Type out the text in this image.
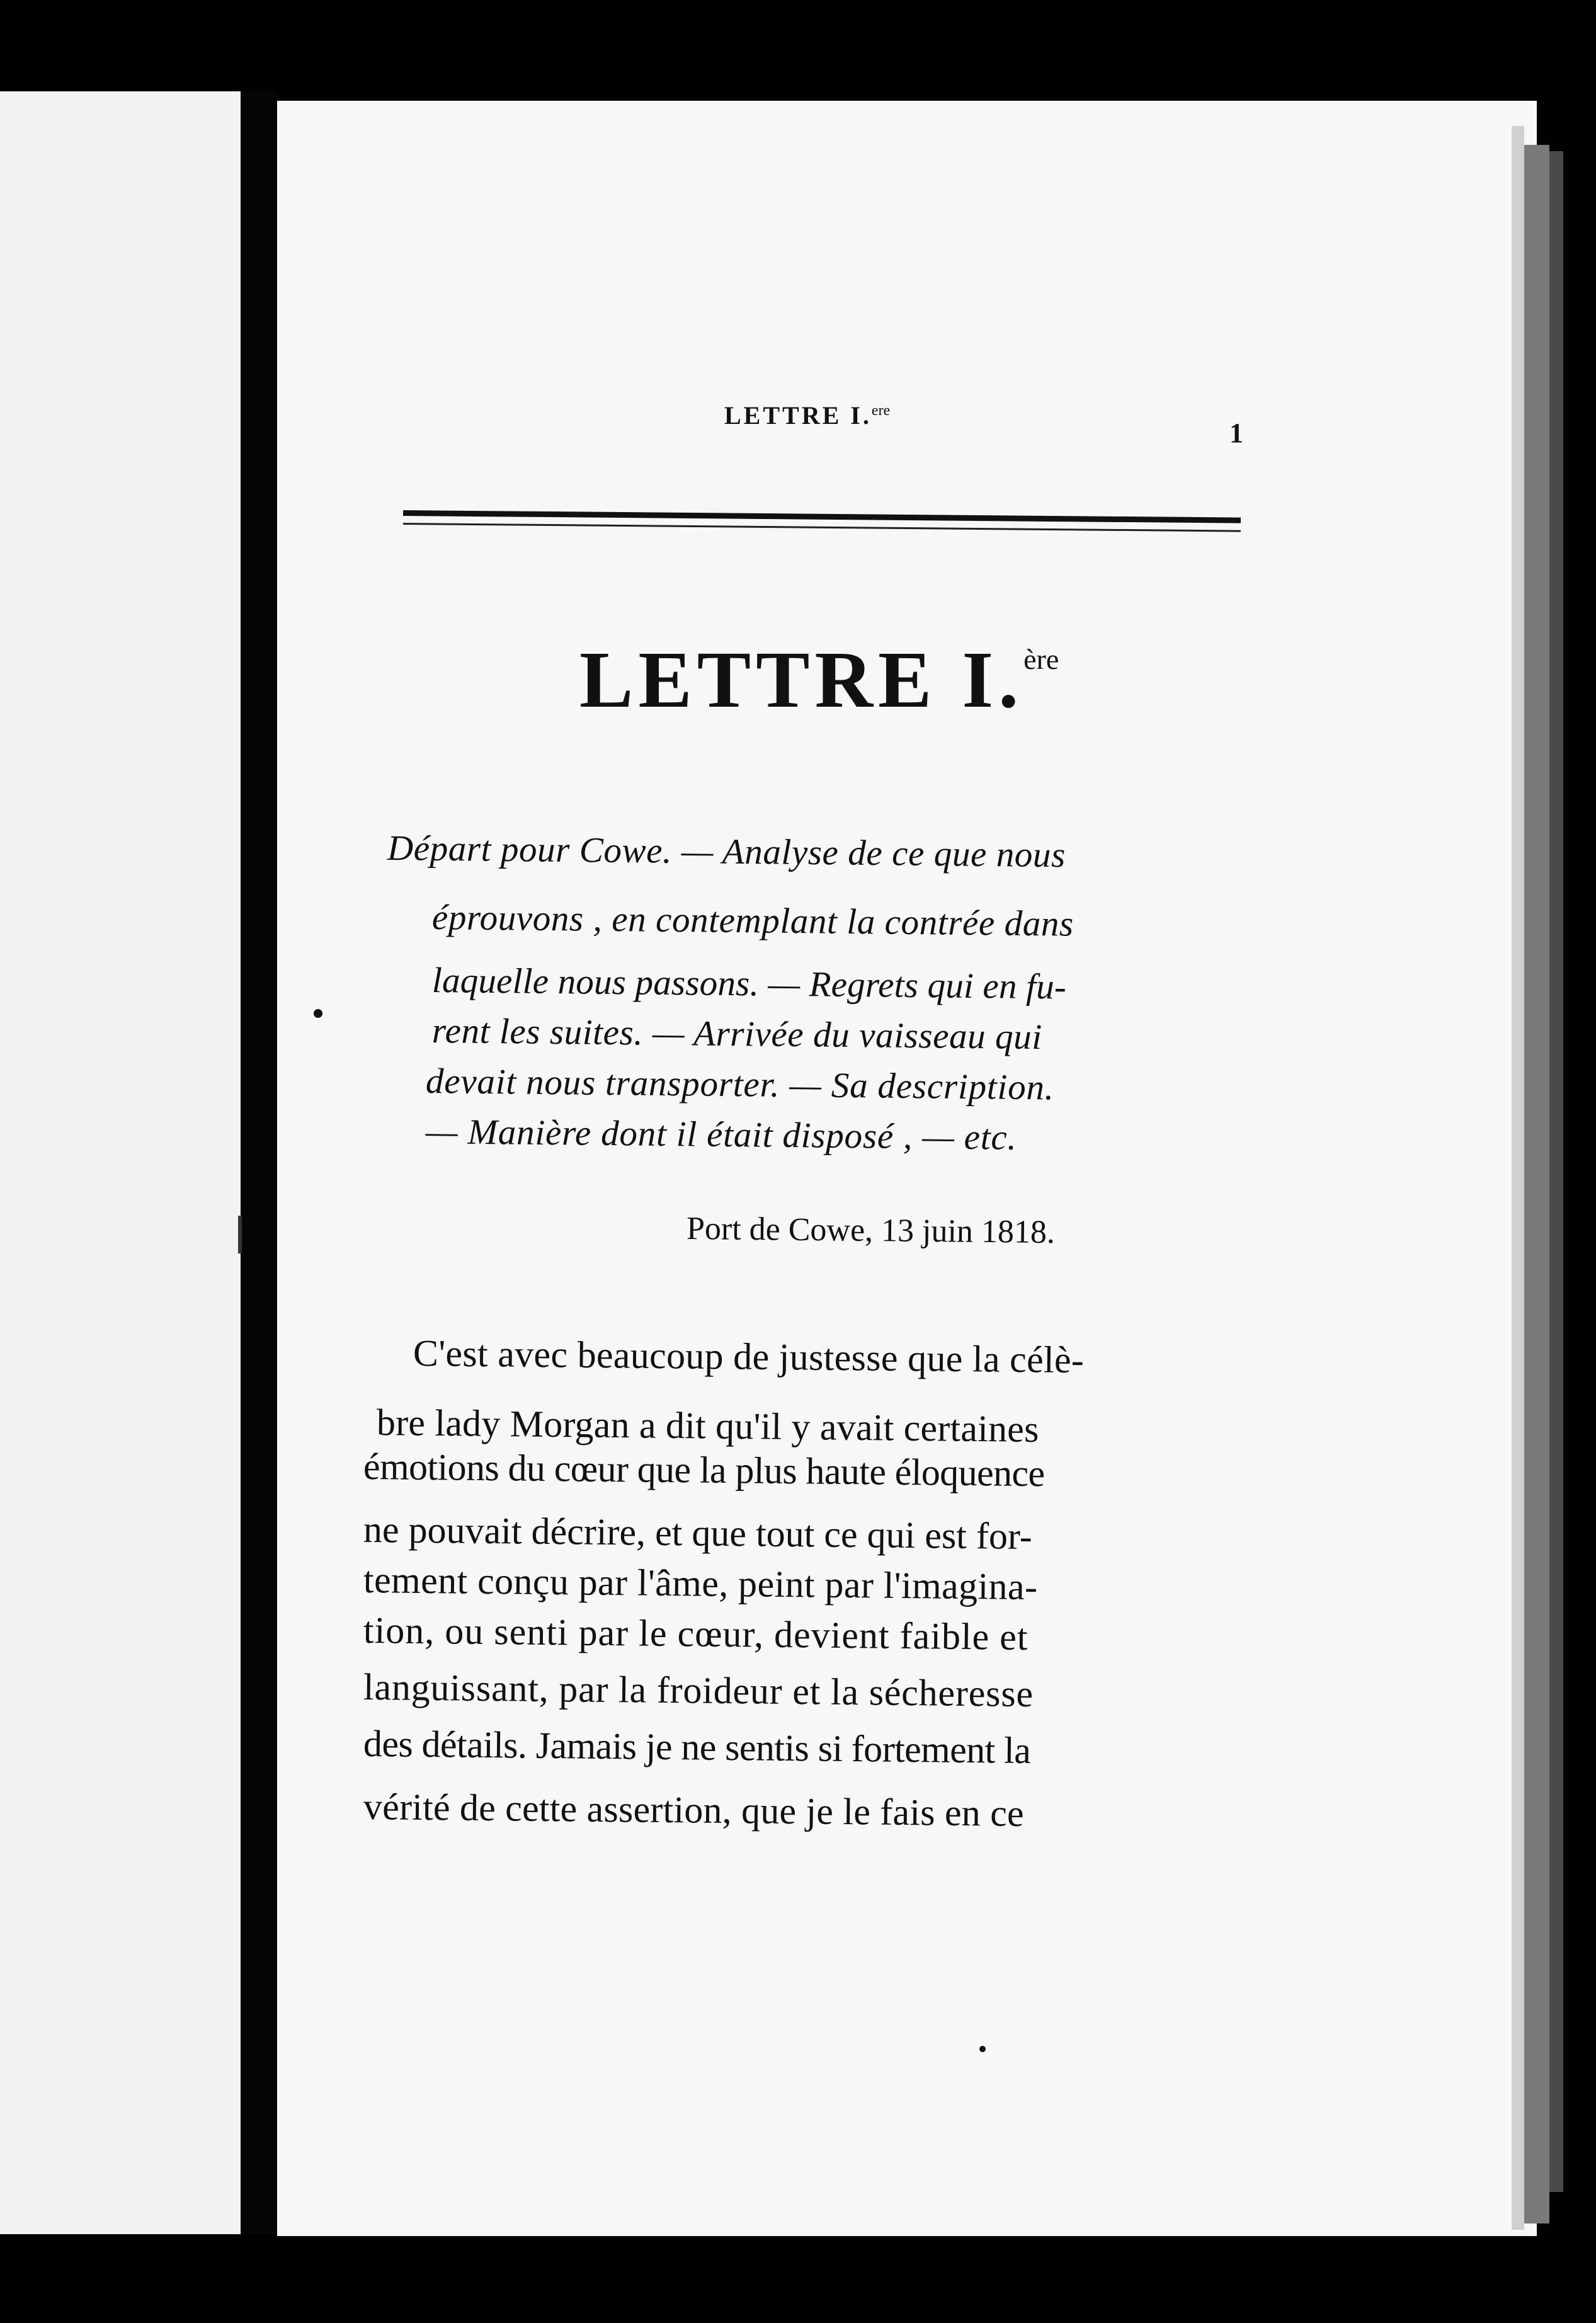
LETTRE I.$^{ere}$
1
LETTRE I.$^{ère}$
Départ pour Cowe. — Analyse de ce que nous
éprouvons , en contemplant la contrée dans
laquelle nous passons. — Regrets qui en fu-
rent les suites. — Arrivée du vaisseau qui
devait nous transporter. — Sa description.
— Manière dont il était disposé , — etc.
Port de Cowe, 13 juin 1818.
C'est avec beaucoup de justesse que la célè-
bre lady Morgan a dit qu'il y avait certaines
émotions du cœur que la plus haute éloquence
ne pouvait décrire, et que tout ce qui est for-
tement conçu par l'âme, peint par l'imagina-
tion, ou senti par le cœur, devient faible et
languissant, par la froideur et la sécheresse
des détails. Jamais je ne sentis si fortement la
vérité de cette assertion, que je le fais en ce
